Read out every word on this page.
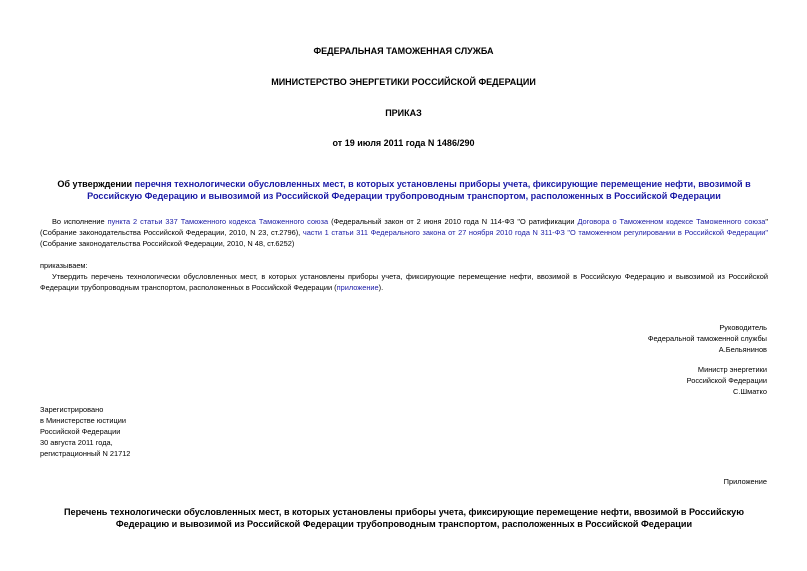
ФЕДЕРАЛЬНАЯ ТАМОЖЕННАЯ СЛУЖБА
МИНИСТЕРСТВО ЭНЕРГЕТИКИ РОССИЙСКОЙ ФЕДЕРАЦИИ
ПРИКАЗ
от 19 июля 2011 года N 1486/290
Об утверждении перечня технологически обусловленных мест, в которых установлены приборы учета, фиксирующие перемещение нефти, ввозимой в Российскую Федерацию и вывозимой из Российской Федерации трубопроводным транспортом, расположенных в Российской Федерации
Во исполнение пункта 2 статьи 337 Таможенного кодекса Таможенного союза (Федеральный закон от 2 июня 2010 года N 114-ФЗ "О ратификации Договора о Таможенном кодексе Таможенного союза"(Собрание законодательства Российской Федерации, 2010, N 23, ст.2796), части 1 статьи 311 Федерального закона от 27 ноября 2010 года N 311-ФЗ "О таможенном регулировании в Российской Федерации" (Собрание законодательства Российской Федерации, 2010, N 48, ст.6252)
приказываем:
Утвердить перечень технологически обусловленных мест, в которых установлены приборы учета, фиксирующие перемещение нефти, ввозимой в Российскую Федерацию и вывозимой из Российской Федерации трубопроводным транспортом, расположенных в Российской Федерации (приложение).
Руководитель
Федеральной таможенной службы
А.Бельянинов
Министр энергетики
Российской Федерации
С.Шматко
Зарегистрировано
в Министерстве юстиции
Российской Федерации
30 августа 2011 года,
регистрационный N 21712
Приложение
Перечень технологически обусловленных мест, в которых установлены приборы учета, фиксирующие перемещение нефти, ввозимой в Российскую Федерацию и вывозимой из Российской Федерации трубопроводным транспортом, расположенных в Российской Федерации
